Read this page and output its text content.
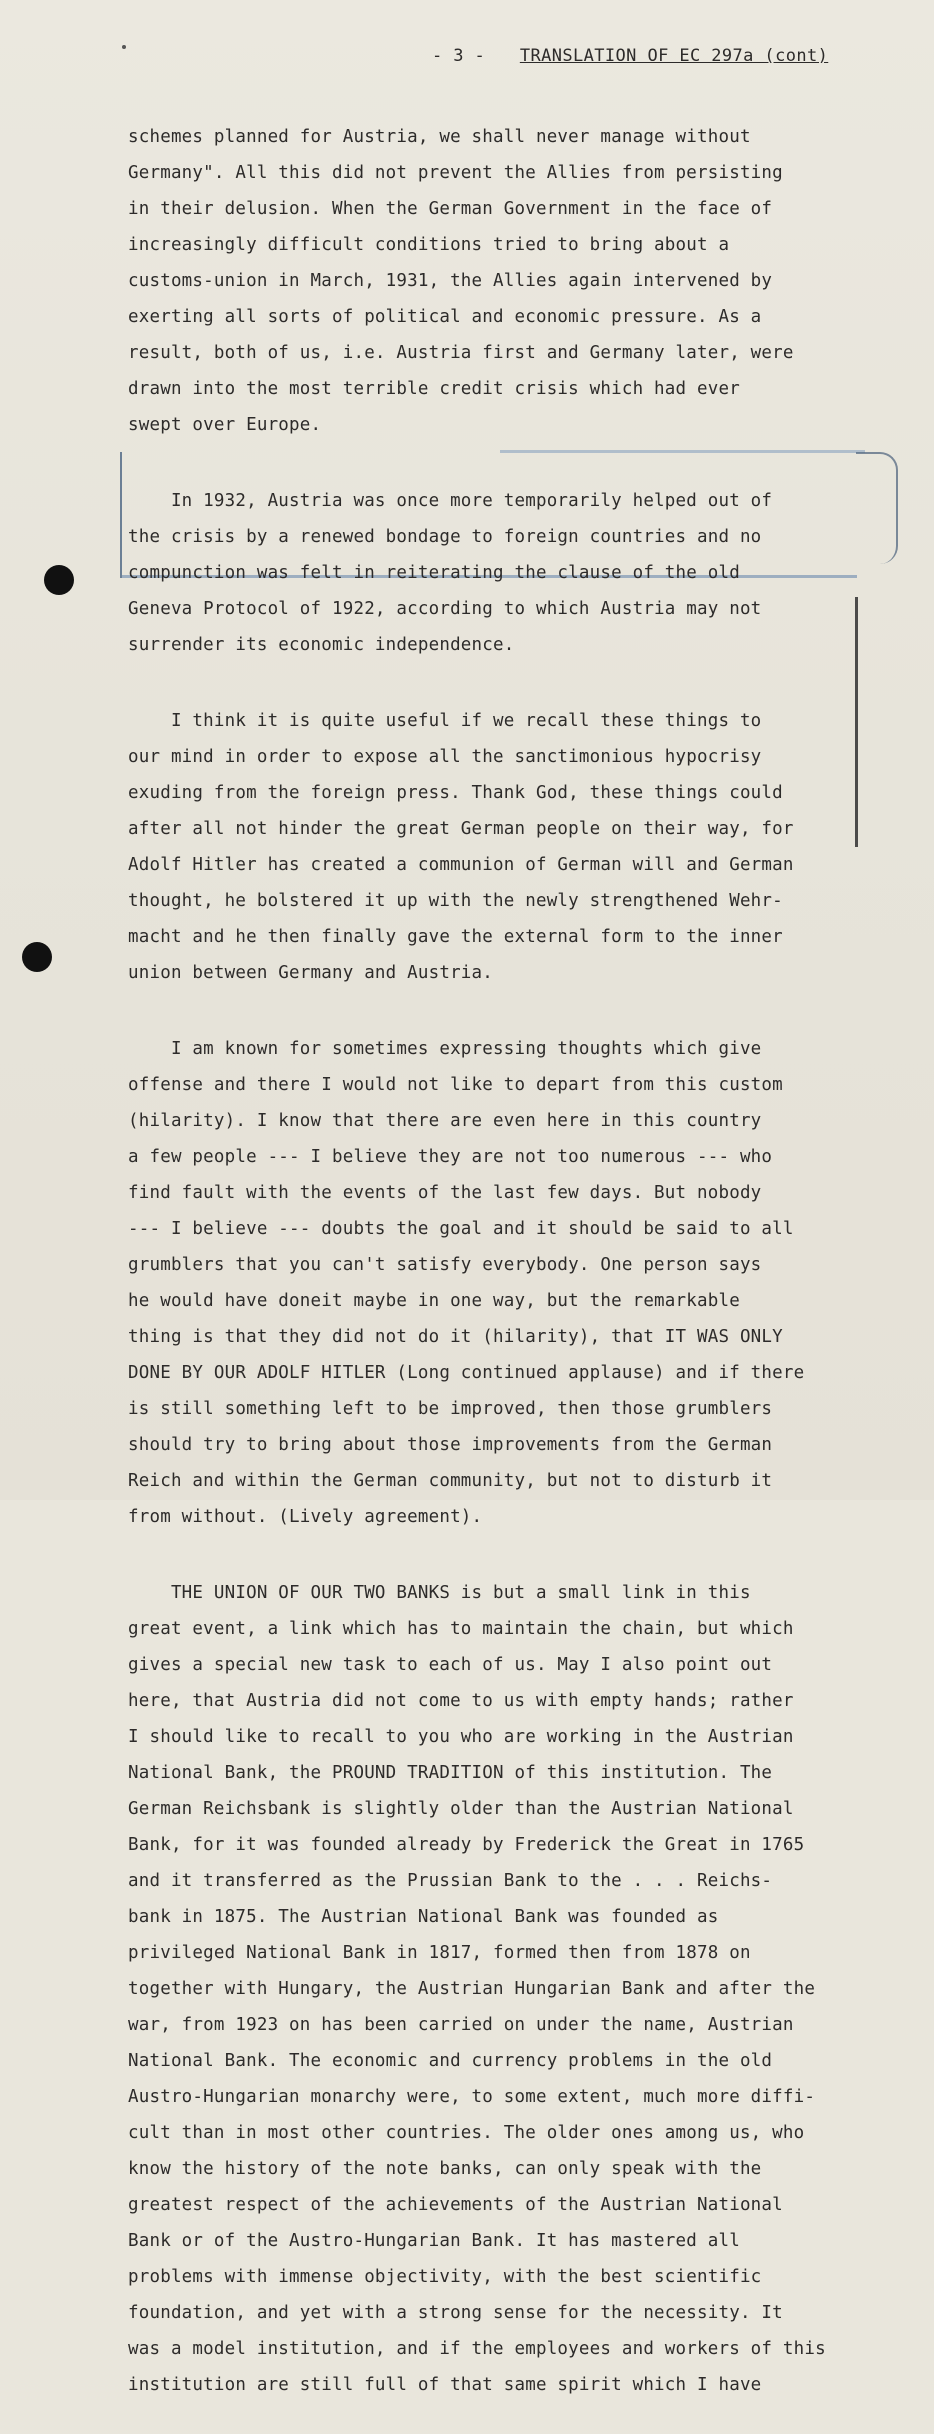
- 3 - TRANSLATION OF EC 297a (cont)

schemes planned for Austria, we shall never manage without

Germany". All this did not prevent the Allies from persisting

in their delusion. When the German Government in the face of

increasingly difficult conditions tried to bring about a

customs-union in March, 1931, the Allies again intervened by

exerting all sorts of political and economic pressure. As a

result, both of us, i.e. Austria first and Germany later, were

drawn into the most terrible credit crisis which had ever

swept over Europe.

In 1932, Austria was once more temporarily helped out of

the crisis by a renewed bondage to foreign countries and no

compunction was felt in reiterating the clause of the old

Geneva Protocol of 1922, according to which Austria may not

surrender its economic independence.

I think it is quite useful if we recall these things to

our mind in order to expose all the sanctimonious hypocrisy

exuding from the foreign press. Thank God, these things could

after all not hinder the great German people on their way, for

Adolf Hitler has created a communion of German will and German

thought, he bolstered it up with the newly strengthened Wehr-

macht and he then finally gave the external form to the inner

union between Germany and Austria.

I am known for sometimes expressing thoughts which give

offense and there I would not like to depart from this custom

(hilarity). I know that there are even here in this country

a few people --- I believe they are not too numerous --- who

find fault with the events of the last few days. But nobody

--- I believe --- doubts the goal and it should be said to all

grumblers that you can't satisfy everybody. One person says

he would have doneit maybe in one way, but the remarkable

thing is that they did not do it (hilarity), that IT WAS ONLY

DONE BY OUR ADOLF HITLER (Long continued applause) and if there

is still something left to be improved, then those grumblers

should try to bring about those improvements from the German

Reich and within the German community, but not to disturb it

from without. (Lively agreement).

THE UNION OF OUR TWO BANKS is but a small link in this

great event, a link which has to maintain the chain, but which

gives a special new task to each of us. May I also point out

here, that Austria did not come to us with empty hands; rather

I should like to recall to you who are working in the Austrian

National Bank, the PROUND TRADITION of this institution. The

German Reichsbank is slightly older than the Austrian National

Bank, for it was founded already by Frederick the Great in 1765

and it transferred as the Prussian Bank to the . . . Reichs-

bank in 1875. The Austrian National Bank was founded as

privileged National Bank in 1817, formed then from 1878 on

together with Hungary, the Austrian Hungarian Bank and after the

war, from 1923 on has been carried on under the name, Austrian

National Bank. The economic and currency problems in the old

Austro-Hungarian monarchy were, to some extent, much more diffi-

cult than in most other countries. The older ones among us, who

know the history of the note banks, can only speak with the

greatest respect of the achievements of the Austrian National

Bank or of the Austro-Hungarian Bank. It has mastered all

problems with immense objectivity, with the best scientific

foundation, and yet with a strong sense for the necessity. It

was a model institution, and if the employees and workers of this

institution are still full of that same spirit which I have
